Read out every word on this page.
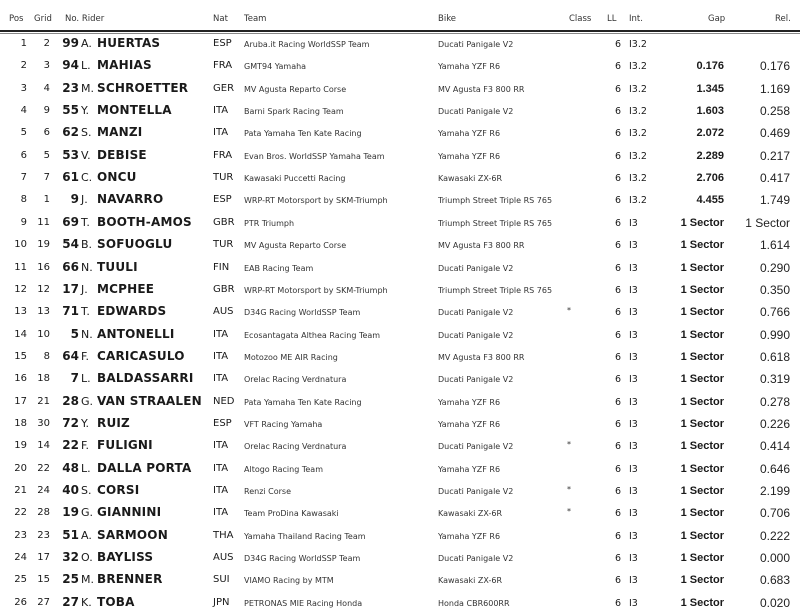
Pos Grid No. Rider	Nat Team	Bike	Class LL Int.	Gap	Rel.
1	2	99 A. HUERTAS	ESP Aruba.it Racing WorldSSP Team	Ducati Panigale V2	6 I3.2
2	3	94 L. MAHIAS	FRA GMT94 Yamaha	Yamaha YZF R6	6 I3.2	0.176	0.176
3	4	23 M. SCHROETTER GER MV Agusta Reparto Corse	MV Agusta F3 800 RR	6 I3.2	1.345	1.169
4	9	55 Y. MONTELLA	ITA Barni Spark Racing Team	Ducati Panigale V2	6 I3.2	1.603	0.258
5	6	62 S. MANZI	ITA Pata Yamaha Ten Kate Racing	Yamaha YZF R6	6 I3.2	2.072	0.469
6	5	53 V. DEBISE	FRA Evan Bros. WorldSSP Yamaha Team	Yamaha YZF R6	6 I3.2	2.289	0.217
7	7	61 C. ONCU	TUR Kawasaki Puccetti Racing	Kawasaki ZX-6R	6 I3.2	2.706	0.417
8	1	9 J. NAVARRO	ESP WRP-RT Motorsport by SKM-Triumph	Triumph Street Triple RS 765	6 I3.2	4.455	1.749
9	11	69 T. BOOTH-AMOS GBR PTR Triumph	Triumph Street Triple RS 765	6 I3	1 Sector	1 Sector
10	19	54 B. SOFUOGLU	TUR MV Agusta Reparto Corse	MV Agusta F3 800 RR	6 I3	1 Sector	1.614
11	16	66 N. TUULI	FIN EAB Racing Team	Ducati Panigale V2	6 I3	1 Sector	0.290
12	12	17 J. MCPHEE	GBR WRP-RT Motorsport by SKM-Triumph	Triumph Street Triple RS 765	6 I3	1 Sector	0.350
13	13	71 T. EDWARDS	AUS D34G Racing WorldSSP Team	Ducati Panigale V2	*	6 I3	1 Sector	0.766
14	10	5 N. ANTONELLI	ITA Ecosantagata Althea Racing Team	Ducati Panigale V2	6 I3	1 Sector	0.990
15	8	64 F. CARICASULO	ITA Motozoo ME AIR Racing	MV Agusta F3 800 RR	6 I3	1 Sector	0.618
16	18	7 L. BALDASSARRI ITA Orelac Racing Verdnatura	Ducati Panigale V2	6 I3	1 Sector	0.319
17	21	28 G. VAN STRAALEN NED Pata Yamaha Ten Kate Racing	Yamaha YZF R6	6 I3	1 Sector	0.278
18	30	72 Y. RUIZ	ESP VFT Racing Yamaha	Yamaha YZF R6	6 I3	1 Sector	0.226
19	14	22 F. FULIGNI	ITA Orelac Racing Verdnatura	Ducati Panigale V2	*	6 I3	1 Sector	0.414
20	22	48 L. DALLA PORTA ITA Altogo Racing Team	Yamaha YZF R6	6 I3	1 Sector	0.646
21	24	40 S. CORSI	ITA Renzi Corse	Ducati Panigale V2	*	6 I3	1 Sector	2.199
22	28	19 G. GIANNINI	ITA Team ProDina Kawasaki	Kawasaki ZX-6R	*	6 I3	1 Sector	0.706
23	23	51 A. SARMOON	THA Yamaha Thailand Racing Team	Yamaha YZF R6	6 I3	1 Sector	0.222
24	17	32 O. BAYLISS	AUS D34G Racing WorldSSP Team	Ducati Panigale V2	6 I3	1 Sector	0.000
25	15	25 M. BRENNER	SUI VIAMO Racing by MTM	Kawasaki ZX-6R	6 I3	1 Sector	0.683
26	27	27 K. TOBA	JPN PETRONAS MIE Racing Honda	Honda CBR600RR	6 I3	1 Sector	0.020
